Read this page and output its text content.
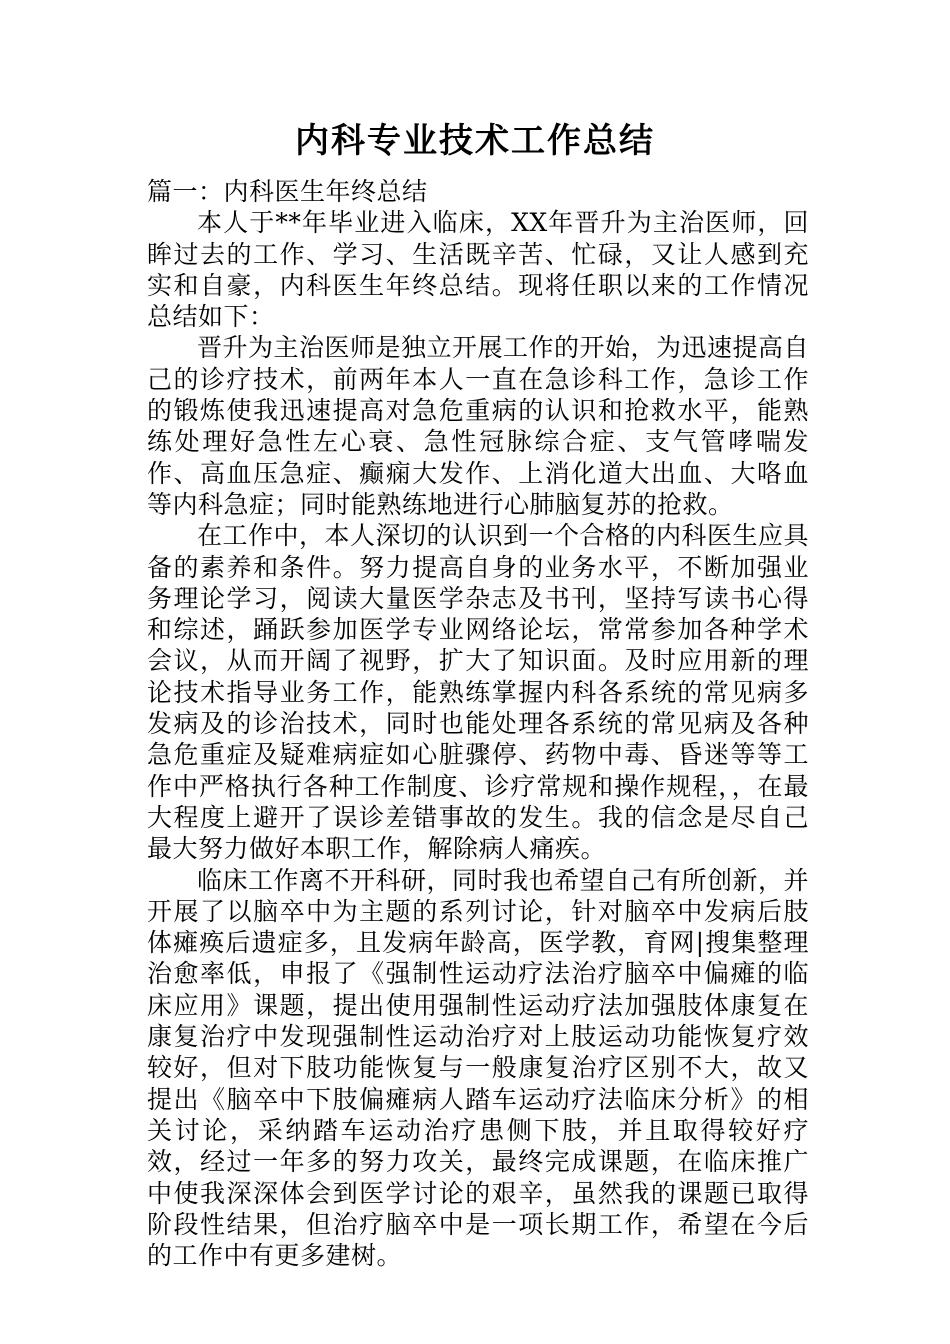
内科专业技术工作总结

篇一：内科医生年终总结

本人于**年毕业进入临床，XX年晋升为主治医师，回眸过去的工作、学习、生活既辛苦、忙碌，又让人感到充实和自豪，内科医生年终总结。现将任职以来的工作情况总结如下：

晋升为主治医师是独立开展工作的开始，为迅速提高自己的诊疗技术，前两年本人一直在急诊科工作，急诊工作的锻炼使我迅速提高对急危重病的认识和抢救水平，能熟练处理好急性左心衰、急性冠脉综合症、支气管哮喘发作、高血压急症、癫痫大发作、上消化道大出血、大咯血等内科急症；同时能熟练地进行心肺脑复苏的抢救。

在工作中，本人深切的认识到一个合格的内科医生应具备的素养和条件。努力提高自身的业务水平，不断加强业务理论学习，阅读大量医学杂志及书刊，坚持写读书心得和综述，踊跃参加医学专业网络论坛，常常参加各种学术会议，从而开阔了视野，扩大了知识面。及时应用新的理论技术指导业务工作，能熟练掌握内科各系统的常见病多发病及的诊治技术，同时也能处理各系统的常见病及各种急危重症及疑难病症如心脏骤停、药物中毒、昏迷等等工作中严格执行各种工作制度、诊疗常规和操作规程，，在最大程度上避开了误诊差错事故的发生。我的信念是尽自己最大努力做好本职工作，解除病人痛疾。

临床工作离不开科研，同时我也希望自己有所创新，并开展了以脑卒中为主题的系列讨论，针对脑卒中发病后肢体瘫痪后遗症多，且发病年龄高，医学教，育网|搜集整理治愈率低，申报了《强制性运动疗法治疗脑卒中偏瘫的临床应用》课题，提出使用强制性运动疗法加强肢体康复在康复治疗中发现强制性运动治疗对上肢运动功能恢复疗效较好，但对下肢功能恢复与一般康复治疗区别不大，故又提出《脑卒中下肢偏瘫病人踏车运动疗法临床分析》的相关讨论，采纳踏车运动治疗患侧下肢，并且取得较好疗效，经过一年多的努力攻关，最终完成课题，在临床推广中使我深深体会到医学讨论的艰辛，虽然我的课题已取得阶段性结果，但治疗脑卒中是一项长期工作，希望在今后的工作中有更多建树。
